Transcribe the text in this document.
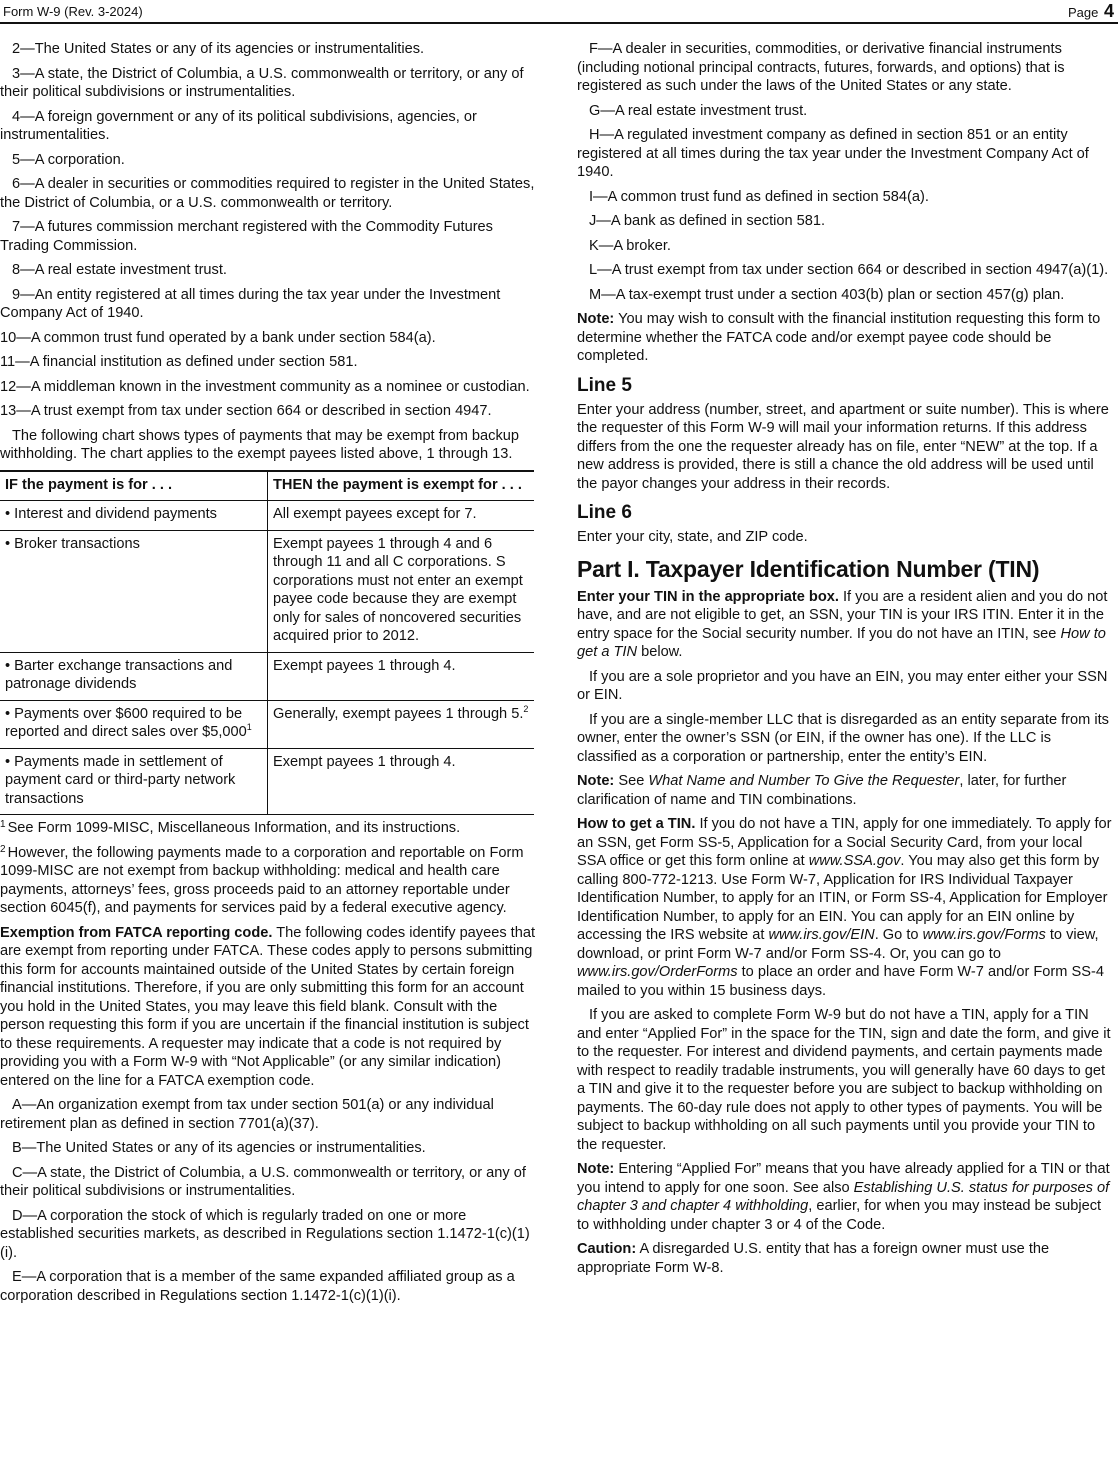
Form W-9 (Rev. 3-2024)	Page 4

2—The United States or any of its agencies or instrumentalities.

3—A state, the District of Columbia, a U.S. commonwealth or territory, or any of their political subdivisions or instrumentalities.

4—A foreign government or any of its political subdivisions, agencies, or instrumentalities.

5—A corporation.

6—A dealer in securities or commodities required to register in the United States, the District of Columbia, or a U.S. commonwealth or territory.

7—A futures commission merchant registered with the Commodity Futures Trading Commission.

8—A real estate investment trust.

9—An entity registered at all times during the tax year under the Investment Company Act of 1940.

10—A common trust fund operated by a bank under section 584(a).

11—A financial institution as defined under section 581.

12—A middleman known in the investment community as a nominee or custodian.

13—A trust exempt from tax under section 664 or described in section 4947.

The following chart shows types of payments that may be exempt from backup withholding. The chart applies to the exempt payees listed above, 1 through 13.

IF the payment is for . . .	THEN the payment is exempt for . . .
• Interest and dividend payments	All exempt payees except for 7.
• Broker transactions	Exempt payees 1 through 4 and 6 through 11 and all C corporations. S corporations must not enter an exempt payee code because they are exempt only for sales of noncovered securities acquired prior to 2012.
• Barter exchange transactions and patronage dividends	Exempt payees 1 through 4.
• Payments over $600 required to be reported and direct sales over $5,000$^1$	Generally, exempt payees 1 through 5.$^2$
• Payments made in settlement of payment card or third-party network transactions	Exempt payees 1 through 4.

$^1$ See Form 1099-MISC, Miscellaneous Information, and its instructions.

$^2$ However, the following payments made to a corporation and reportable on Form 1099-MISC are not exempt from backup withholding: medical and health care payments, attorneys’ fees, gross proceeds paid to an attorney reportable under section 6045(f), and payments for services paid by a federal executive agency.

Exemption from FATCA reporting code. The following codes identify payees that are exempt from reporting under FATCA. These codes apply to persons submitting this form for accounts maintained outside of the United States by certain foreign financial institutions. Therefore, if you are only submitting this form for an account you hold in the United States, you may leave this field blank. Consult with the person requesting this form if you are uncertain if the financial institution is subject to these requirements. A requester may indicate that a code is not required by providing you with a Form W-9 with “Not Applicable” (or any similar indication) entered on the line for a FATCA exemption code.

A—An organization exempt from tax under section 501(a) or any individual retirement plan as defined in section 7701(a)(37).

B—The United States or any of its agencies or instrumentalities.

C—A state, the District of Columbia, a U.S. commonwealth or territory, or any of their political subdivisions or instrumentalities.

D—A corporation the stock of which is regularly traded on one or more established securities markets, as described in Regulations section 1.1472-1(c)(1)(i).

E—A corporation that is a member of the same expanded affiliated group as a corporation described in Regulations section 1.1472-1(c)(1)(i).

F—A dealer in securities, commodities, or derivative financial instruments (including notional principal contracts, futures, forwards, and options) that is registered as such under the laws of the United States or any state.

G—A real estate investment trust.

H—A regulated investment company as defined in section 851 or an entity registered at all times during the tax year under the Investment Company Act of 1940.

I—A common trust fund as defined in section 584(a).

J—A bank as defined in section 581.

K—A broker.

L—A trust exempt from tax under section 664 or described in section 4947(a)(1).

M—A tax-exempt trust under a section 403(b) plan or section 457(g) plan.

Note: You may wish to consult with the financial institution requesting this form to determine whether the FATCA code and/or exempt payee code should be completed.

Line 5

Enter your address (number, street, and apartment or suite number). This is where the requester of this Form W-9 will mail your information returns. If this address differs from the one the requester already has on file, enter “NEW” at the top. If a new address is provided, there is still a chance the old address will be used until the payor changes your address in their records.

Line 6

Enter your city, state, and ZIP code.

Part I. Taxpayer Identification Number (TIN)

Enter your TIN in the appropriate box. If you are a resident alien and you do not have, and are not eligible to get, an SSN, your TIN is your IRS ITIN. Enter it in the entry space for the Social security number. If you do not have an ITIN, see How to get a TIN below.

If you are a sole proprietor and you have an EIN, you may enter either your SSN or EIN.

If you are a single-member LLC that is disregarded as an entity separate from its owner, enter the owner’s SSN (or EIN, if the owner has one). If the LLC is classified as a corporation or partnership, enter the entity’s EIN.

Note: See What Name and Number To Give the Requester, later, for further clarification of name and TIN combinations.

How to get a TIN. If you do not have a TIN, apply for one immediately. To apply for an SSN, get Form SS-5, Application for a Social Security Card, from your local SSA office or get this form online at www.SSA.gov. You may also get this form by calling 800-772-1213. Use Form W-7, Application for IRS Individual Taxpayer Identification Number, to apply for an ITIN, or Form SS-4, Application for Employer Identification Number, to apply for an EIN. You can apply for an EIN online by accessing the IRS website at www.irs.gov/EIN. Go to www.irs.gov/Forms to view, download, or print Form W-7 and/or Form SS-4. Or, you can go to www.irs.gov/OrderForms to place an order and have Form W-7 and/or Form SS-4 mailed to you within 15 business days.

If you are asked to complete Form W-9 but do not have a TIN, apply for a TIN and enter “Applied For” in the space for the TIN, sign and date the form, and give it to the requester. For interest and dividend payments, and certain payments made with respect to readily tradable instruments, you will generally have 60 days to get a TIN and give it to the requester before you are subject to backup withholding on payments. The 60-day rule does not apply to other types of payments. You will be subject to backup withholding on all such payments until you provide your TIN to the requester.

Note: Entering “Applied For” means that you have already applied for a TIN or that you intend to apply for one soon. See also Establishing U.S. status for purposes of chapter 3 and chapter 4 withholding, earlier, for when you may instead be subject to withholding under chapter 3 or 4 of the Code.

Caution: A disregarded U.S. entity that has a foreign owner must use the appropriate Form W-8.
